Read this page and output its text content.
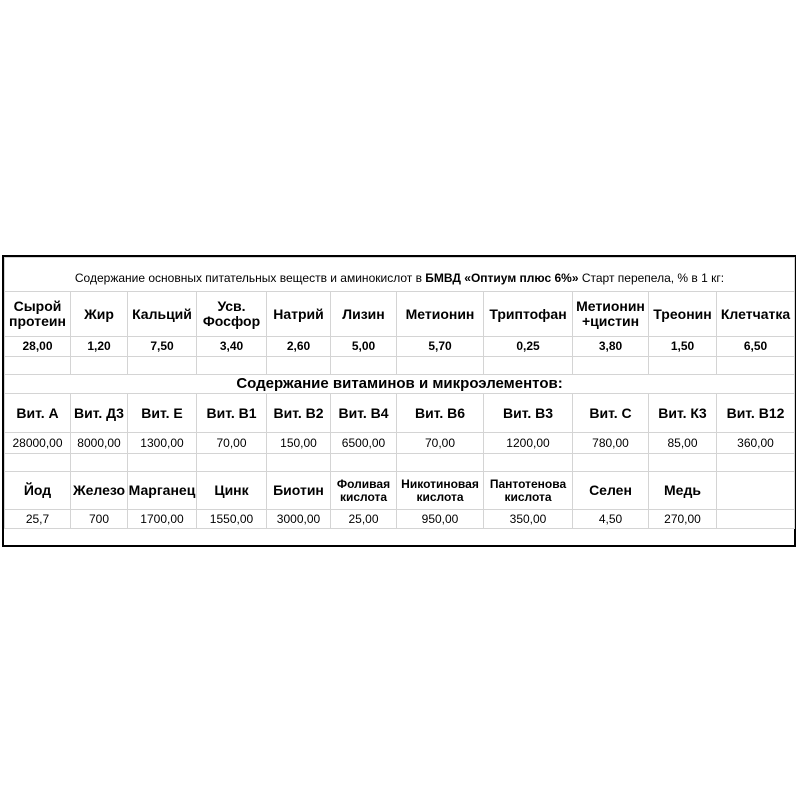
Содержание основных питательных веществ и аминокислот в БМВД «Оптиум плюс 6%» Старт перепела, % в 1 кг:										
Сырой протеин	Жир	Кальций	Усв. Фосфор	Натрий	Лизин	Метионин	Триптофан	Метионин +цистин	Треонин	Клетчатка
28,00	1,20	7,50	3,40	2,60	5,00	5,70	0,25	3,80	1,50	6,50

Содержание витаминов и микроэлементов:										
Вит. А	Вит. Д3	Вит. Е	Вит. В1	Вит. В2	Вит. В4	Вит. В6	Вит. В3	Вит. С	Вит. К3	Вит. В12
28000,00	8000,00	1300,00	70,00	150,00	6500,00	70,00	1200,00	780,00	85,00	360,00

Йод	Железо	Марганец	Цинк	Биотин	Фоливая кислота	Никотиновая кислота	Пантотенова кислота	Селен	Медь	
25,7	700	1700,00	1550,00	3000,00	25,00	950,00	350,00	4,50	270,00	
